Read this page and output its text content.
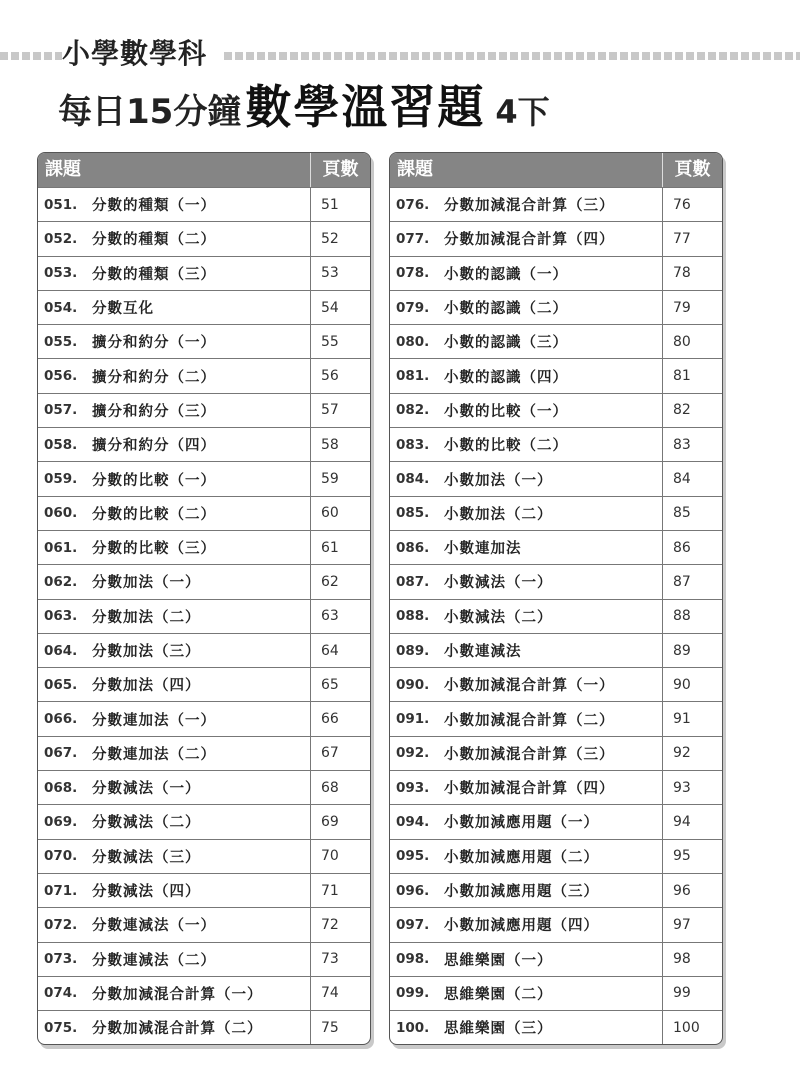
小學數學科
每日15分鐘數學溫習題 4下
課題	頁數
051.	分數的種類（一）	51
052.	分數的種類（二）	52
053.	分數的種類（三）	53
054.	分數互化	54
055.	擴分和約分（一）	55
056.	擴分和約分（二）	56
057.	擴分和約分（三）	57
058.	擴分和約分（四）	58
059.	分數的比較（一）	59
060.	分數的比較（二）	60
061.	分數的比較（三）	61
062.	分數加法（一）	62
063.	分數加法（二）	63
064.	分數加法（三）	64
065.	分數加法（四）	65
066.	分數連加法（一）	66
067.	分數連加法（二）	67
068.	分數減法（一）	68
069.	分數減法（二）	69
070.	分數減法（三）	70
071.	分數減法（四）	71
072.	分數連減法（一）	72
073.	分數連減法（二）	73
074.	分數加減混合計算（一）	74
075.	分數加減混合計算（二）	75
課題	頁數
076.	分數加減混合計算（三）	76
077.	分數加減混合計算（四）	77
078.	小數的認識（一）	78
079.	小數的認識（二）	79
080.	小數的認識（三）	80
081.	小數的認識（四）	81
082.	小數的比較（一）	82
083.	小數的比較（二）	83
084.	小數加法（一）	84
085.	小數加法（二）	85
086.	小數連加法	86
087.	小數減法（一）	87
088.	小數減法（二）	88
089.	小數連減法	89
090.	小數加減混合計算（一）	90
091.	小數加減混合計算（二）	91
092.	小數加減混合計算（三）	92
093.	小數加減混合計算（四）	93
094.	小數加減應用題（一）	94
095.	小數加減應用題（二）	95
096.	小數加減應用題（三）	96
097.	小數加減應用題（四）	97
098.	思維樂園（一）	98
099.	思維樂園（二）	99
100.	思維樂園（三）	100
